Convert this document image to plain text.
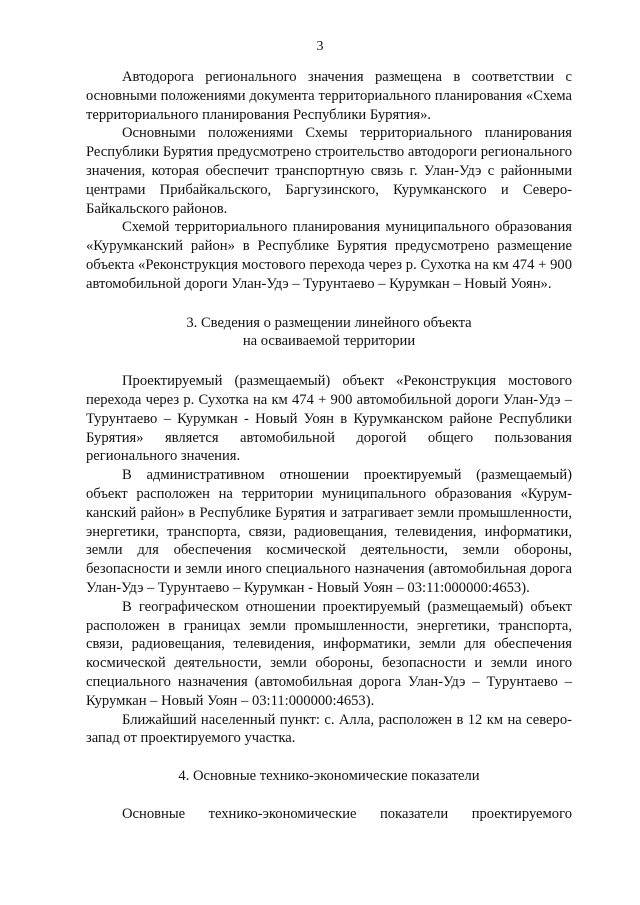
3

Автодорога регионального значения размещена в соответствии с основными положениями документа территориального планирования «Схема территориального планирования Республики Бурятия».

Основными положениями Схемы территориального планирования Республики Бурятия предусмотрено строительство автодороги регионального значения, которая обеспечит транспортную связь г. Улан-Удэ с районными центрами Прибайкальского, Баргузинского, Курумканского и Северо-Байкальского районов.

Схемой территориального планирования муниципального образования «Курумканский район» в Республике Бурятия предусмотрено размещение объекта «Реконструкция мостового перехода через р. Сухотка на км 474 + 900 автомобильной дороги Улан-Удэ – Турунтаево – Курумкан – Новый Уоян».

3. Сведения о размещении линейного объекта

на осваиваемой территории

Проектируемый (размещаемый) объект «Реконструкция мостового перехода через р. Сухотка на км 474 + 900 автомобильной дороги Улан-Удэ – Турунтаево – Курумкан - Новый Уоян в Курумканском районе Республики Бурятия» является автомобильной дорогой общего пользования регионального значения.

В административном отношении проектируемый (размещаемый) объект расположен на территории муниципального образования «Курумканский район» в Республике Бурятия и затрагивает земли промышленности, энергетики, транспорта, связи, радиовещания, телевидения, информатики, земли для обеспечения космической деятельности, земли обороны, безопасности и земли иного специального назначения (автомобильная дорога Улан-Удэ – Турунтаево – Курумкан - Новый Уоян – 03:11:000000:4653).

В географическом отношении проектируемый (размещаемый) объект расположен в границах земли промышленности, энергетики, транспорта, связи, радиовещания, телевидения, информатики, земли для обеспечения космической деятельности, земли обороны, безопасности и земли иного специального назначения (автомобильная дорога Улан-Удэ – Турунтаево – Курумкан – Новый Уоян – 03:11:000000:4653).

Ближайший населенный пункт: с. Алла, расположен в 12 км на северо-запад от проектируемого участка.

4. Основные технико-экономические показатели

Основные технико-экономические показатели проектируемого
